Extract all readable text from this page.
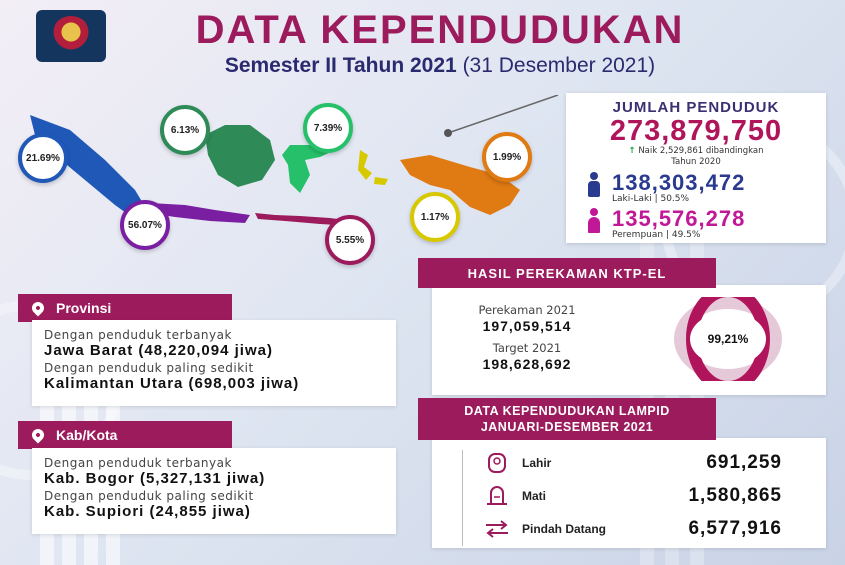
DATA KEPENDUDUKAN
Semester II Tahun 2021 (31 Desember 2021)
21.69%
6.13%	7.39%
1.99%
56.07%
5.55%
1.17%
JUMLAH PENDUDUK
273,879,750
↑ Naik 2,529,861 dibandingkan
Tahun 2020
138,303,472
Laki-Laki | 50.5%
135,576,278
Perempuan | 49.5%
Provinsi
Dengan penduduk terbanyak
Jawa Barat (48,220,094 jiwa)
Dengan penduduk paling sedikit
Kalimantan Utara (698,003 jiwa)
Kab/Kota
Dengan penduduk terbanyak
Kab. Bogor (5,327,131 jiwa)
Dengan penduduk paling sedikit
Kab. Supiori (24,855 jiwa)
Perekaman 2021
197,059,514
Target 2021
198,628,692
99,21%
HASIL PEREKAMAN KTP-EL
Lahir	691,259
Mati	1,580,865
Pindah Datang	6,577,916
DATA KEPENDUDUKAN LAMPID
JANUARI-DESEMBER 2021
